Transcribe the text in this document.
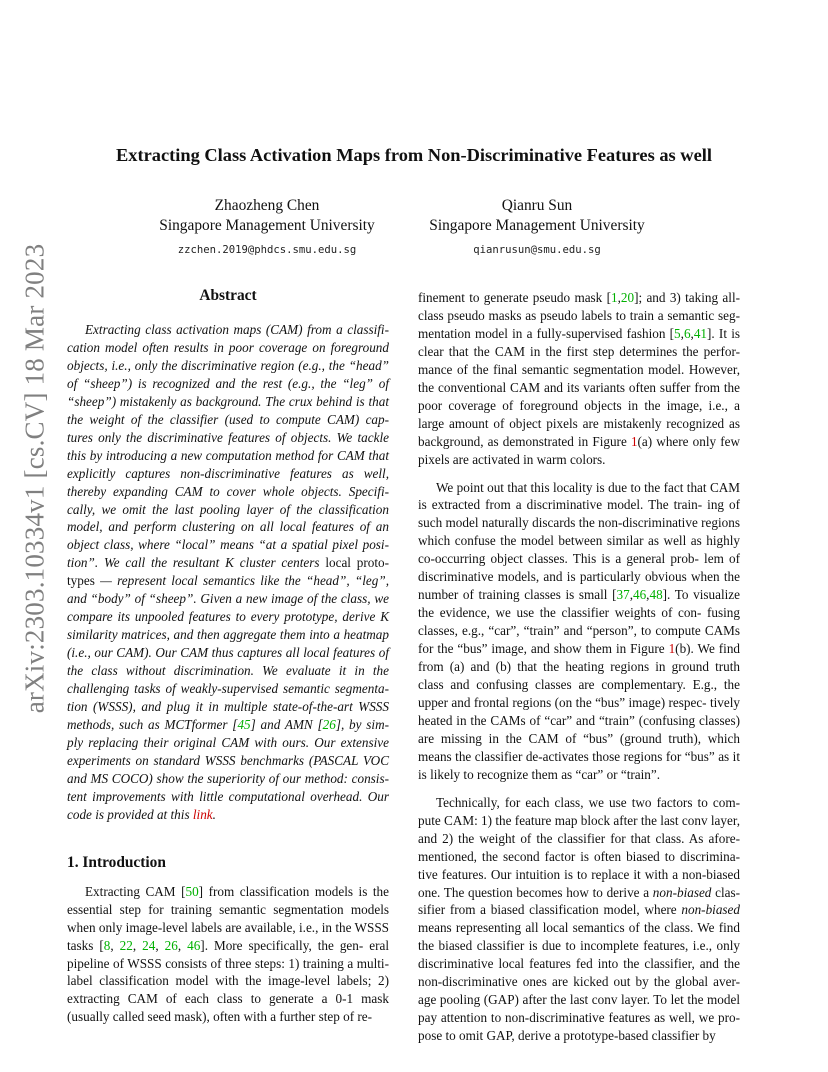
arXiv:2303.10334v1 [cs.CV] 18 Mar 2023
Extracting Class Activation Maps from Non-Discriminative Features as well
Zhaozheng Chen
Singapore Management University
zzchen.2019@phdcs.smu.edu.sg
Qianru Sun
Singapore Management University
qianrusun@smu.edu.sg
Abstract

Extracting class activation maps (CAM) from a classifi- cation model often results in poor coverage on foreground objects, i.e., only the discriminative region (e.g., the “head” of “sheep”) is recognized and the rest (e.g., the “leg” of “sheep”) mistakenly as background. The crux behind is that the weight of the classifier (used to compute CAM) cap- tures only the discriminative features of objects. We tackle this by introducing a new computation method for CAM that explicitly captures non-discriminative features as well, thereby expanding CAM to cover whole objects. Specifi- cally, we omit the last pooling layer of the classification model, and perform clustering on all local features of an object class, where “local” means “at a spatial pixel posi- tion”. We call the resultant K cluster centers local proto- types — represent local semantics like the “head”, “leg”, and “body” of “sheep”. Given a new image of the class, we compare its unpooled features to every prototype, derive K similarity matrices, and then aggregate them into a heatmap (i.e., our CAM). Our CAM thus captures all local features of the class without discrimination. We evaluate it in the challenging tasks of weakly-supervised semantic segmenta- tion (WSSS), and plug it in multiple state-of-the-art WSSS methods, such as MCTformer [45] and AMN [26], by sim- ply replacing their original CAM with ours. Our extensive experiments on standard WSSS benchmarks (PASCAL VOC and MS COCO) show the superiority of our method: consis- tent improvements with little computational overhead. Our code is provided at this link.

1. Introduction

Extracting CAM [50] from classification models is the essential step for training semantic segmentation models when only image-level labels are available, i.e., in the WSSS tasks [8, 22, 24, 26, 46]. More specifically, the gen- eral pipeline of WSSS consists of three steps: 1) training a multi-label classification model with the image-level labels; 2) extracting CAM of each class to generate a 0-1 mask (usually called seed mask), often with a further step of re-

finement to generate pseudo mask [1,20]; and 3) taking all- class pseudo masks as pseudo labels to train a semantic seg- mentation model in a fully-supervised fashion [5,6,41]. It is clear that the CAM in the first step determines the perfor- mance of the final semantic segmentation model. However, the conventional CAM and its variants often suffer from the poor coverage of foreground objects in the image, i.e., a large amount of object pixels are mistakenly recognized as background, as demonstrated in Figure 1(a) where only few pixels are activated in warm colors.

We point out that this locality is due to the fact that CAM is extracted from a discriminative model. The train- ing of such model naturally discards the non-discriminative regions which confuse the model between similar as well as highly co-occurring object classes. This is a general prob- lem of discriminative models, and is particularly obvious when the number of training classes is small [37,46,48]. To visualize the evidence, we use the classifier weights of con- fusing classes, e.g., “car”, “train” and “person”, to compute CAMs for the “bus” image, and show them in Figure 1(b). We find from (a) and (b) that the heating regions in ground truth class and confusing classes are complementary. E.g., the upper and frontal regions (on the “bus” image) respec- tively heated in the CAMs of “car” and “train” (confusing classes) are missing in the CAM of “bus” (ground truth), which means the classifier de-activates those regions for “bus” as it is likely to recognize them as “car” or “train”.

Technically, for each class, we use two factors to com- pute CAM: 1) the feature map block after the last conv layer, and 2) the weight of the classifier for that class. As afore- mentioned, the second factor is often biased to discrimina- tive features. Our intuition is to replace it with a non-biased one. The question becomes how to derive a non-biased clas- sifier from a biased classification model, where non-biased means representing all local semantics of the class. We find the biased classifier is due to incomplete features, i.e., only discriminative local features fed into the classifier, and the non-discriminative ones are kicked out by the global aver- age pooling (GAP) after the last conv layer. To let the model pay attention to non-discriminative features as well, we pro- pose to omit GAP, derive a prototype-based classifier by
